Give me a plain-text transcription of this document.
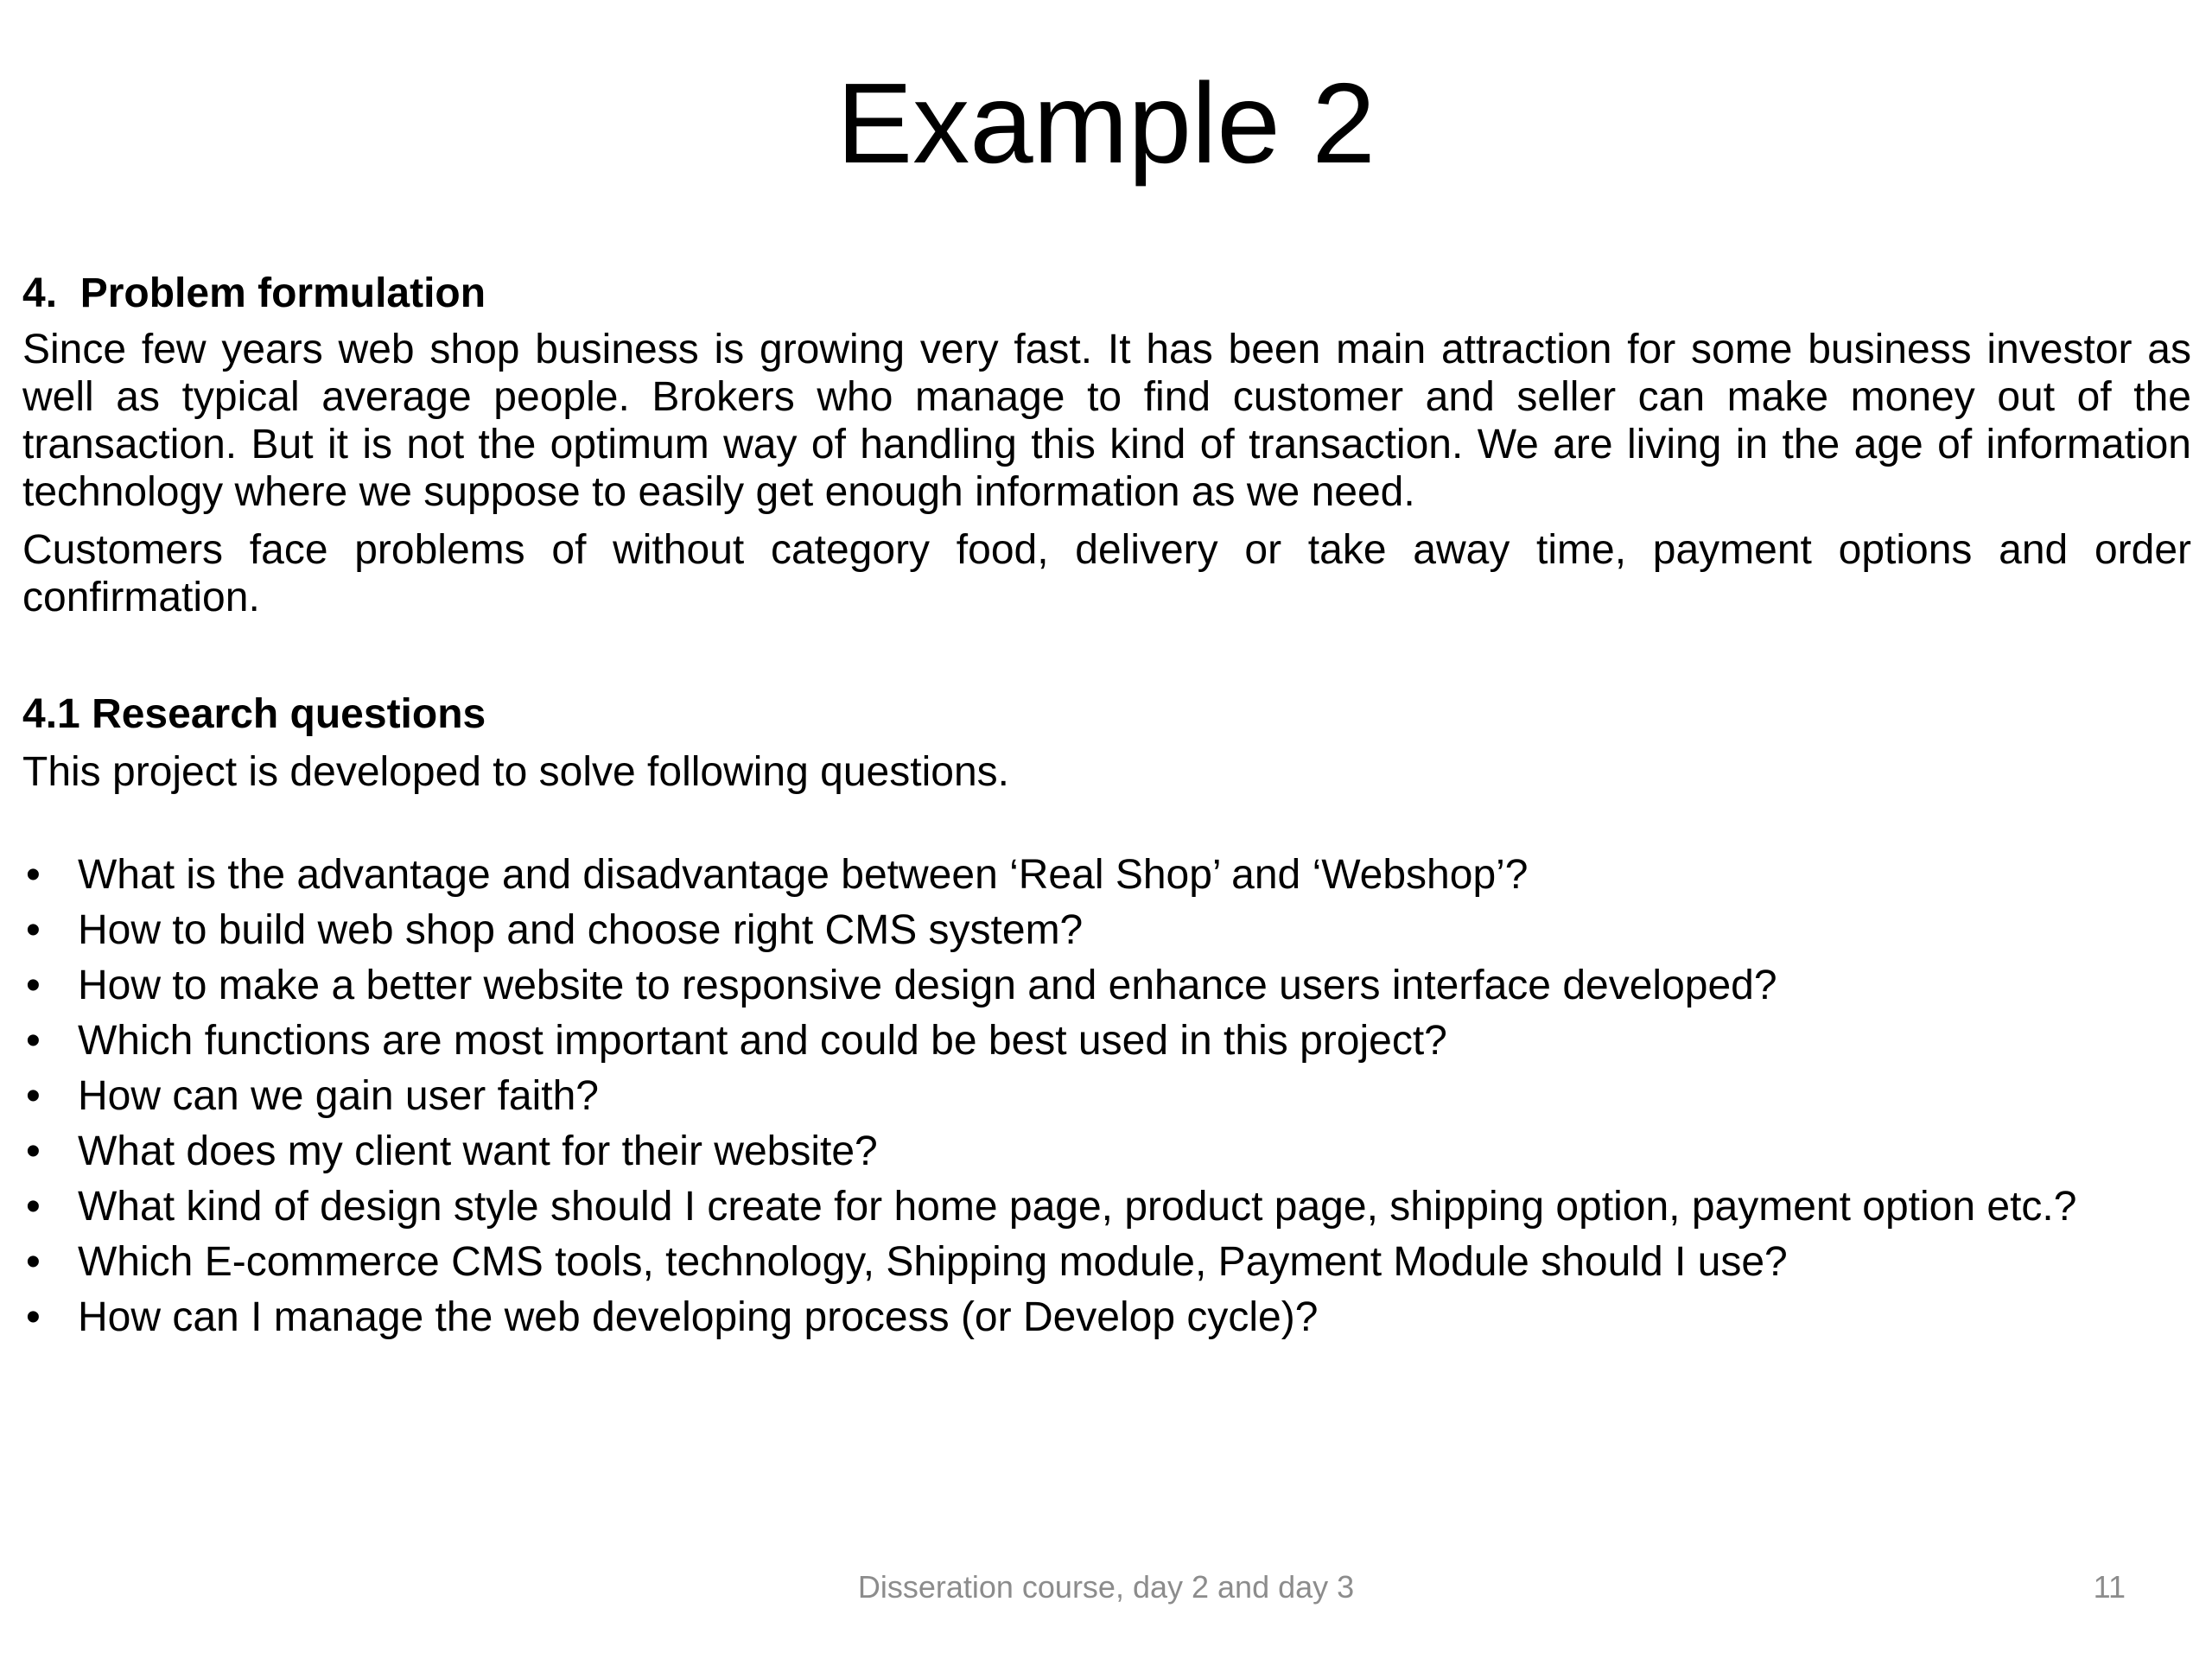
Example 2

4.  Problem formulation

Since few years web shop business is growing very fast. It has been main attraction for some business investor as well as typical average people. Brokers who manage to find customer and seller can make money out of the transaction. But it is not the optimum way of handling this kind of transaction. We are living in the age of information technology where we suppose to easily get enough information as we need.

Customers face problems of without category food, delivery or take away time, payment options and order confirmation.

4.1 Research questions

This project is developed to solve following questions.

• What is the advantage and disadvantage between ‘Real Shop’ and ‘Webshop’?
• How to build web shop and choose right CMS system?
• How to make a better website to responsive design and enhance users interface developed?
• Which functions are most important and could be best used in this project?
• How can we gain user faith?
• What does my client want for their website?
• What kind of design style should I create for home page, product page, shipping option, payment option etc.?
• Which E-commerce CMS tools, technology, Shipping module, Payment Module should I use?
• How can I manage the web developing process (or Develop cycle)?
Disseration course, day 2 and day 3	11
